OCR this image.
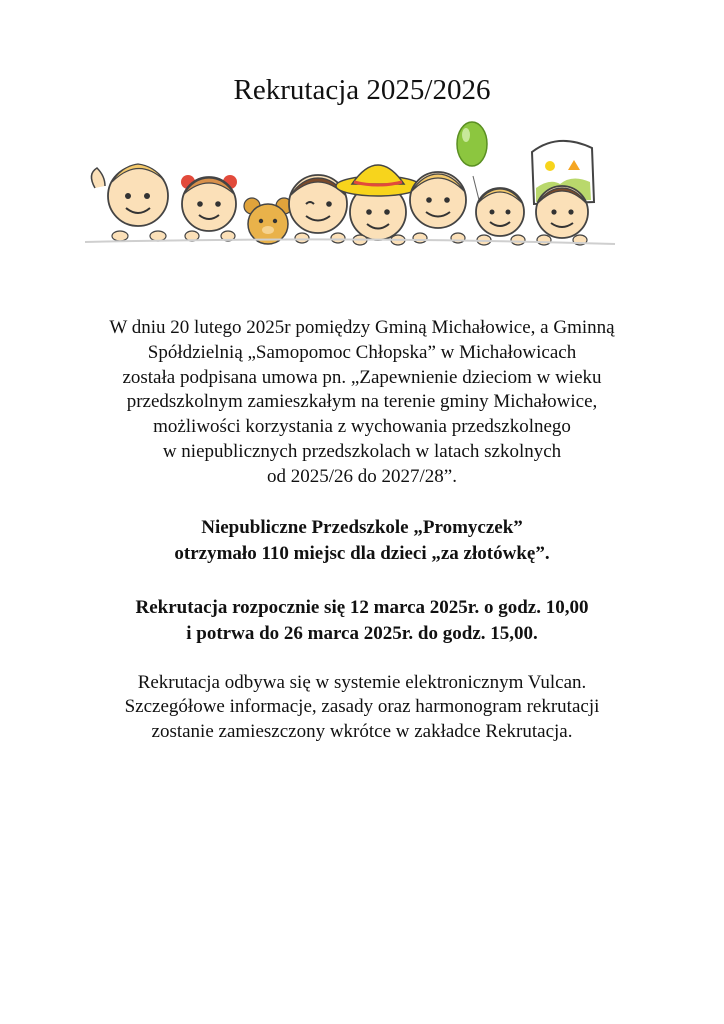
Rekrutacja 2025/2026

W dniu 20 lutego 2025r pomiędzy Gminą Michałowice, a Gminną
Spółdzielnią „Samopomoc Chłopska” w Michałowicach
została podpisana umowa pn. „Zapewnienie dzieciom w wieku
przedszkolnym zamieszkałym na terenie gminy Michałowice,
możliwości korzystania z wychowania przedszkolnego
w niepublicznych przedszkolach w latach szkolnych
od 2025/26 do 2027/28”.

Niepubliczne Przedszkole „Promyczek”
otrzymało 110 miejsc dla dzieci „za złotówkę”.

Rekrutacja rozpocznie się 12 marca 2025r. o godz. 10,00
i potrwa do 26 marca 2025r. do godz. 15,00.

Rekrutacja odbywa się w systemie elektronicznym Vulcan.
Szczegółowe informacje, zasady oraz harmonogram rekrutacji
zostanie zamieszczony wkrótce w zakładce Rekrutacja.
